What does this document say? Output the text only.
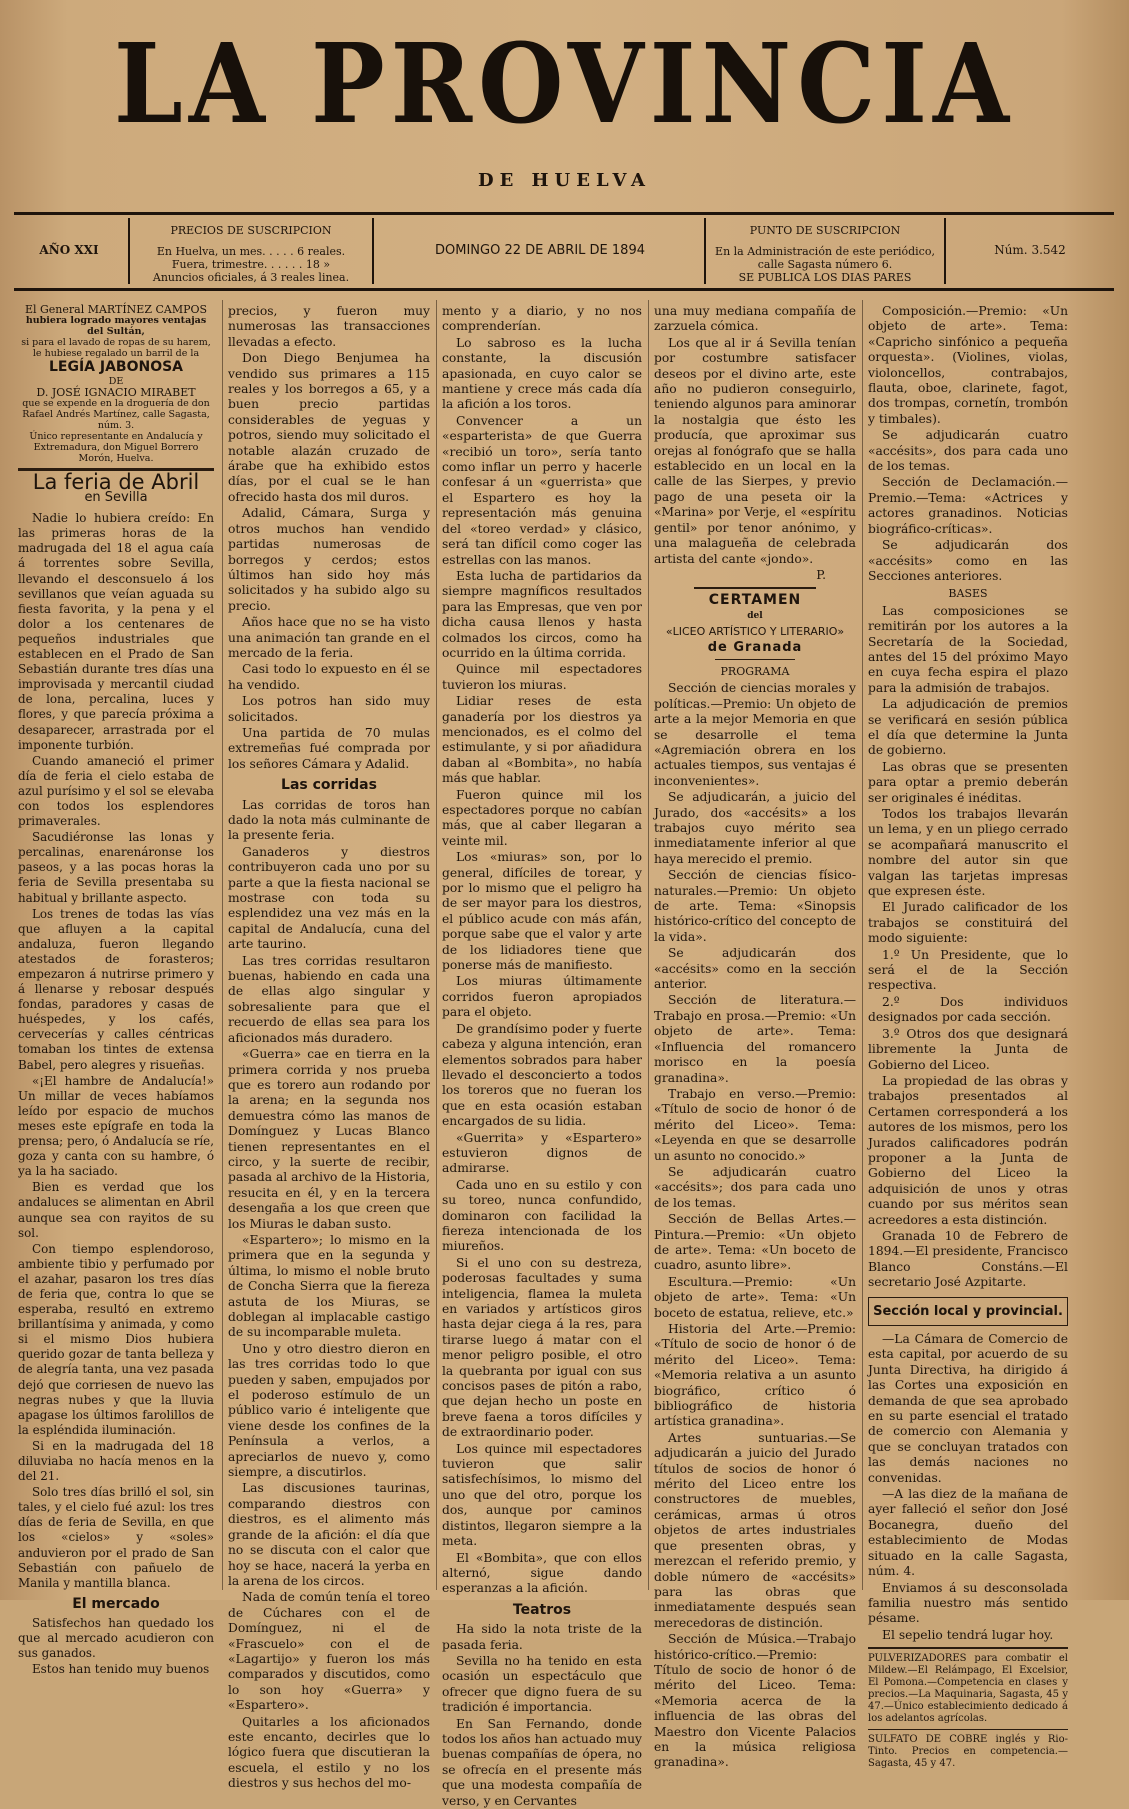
LA PROVINCIA
DE HUELVA
AÑO XXI
PRECIOS DE SUSCRIPCION
En Huelva, un mes. . . . . 6 reales.
Fuera, trimestre. . . . . . 18 »
Anuncios oficiales, á 3 reales linea.
DOMINGO 22 DE ABRIL DE 1894
PUNTO DE SUSCRIPCION
En la Administración de este periódico,
calle Sagasta número 6.
SE PUBLICA LOS DIAS PARES
Núm. 3.542
El General MARTÍNEZ CAMPOS
hubiera logrado mayores ventajas del Sultán,
si para el lavado de ropas de su harem, le hubiese regalado un barril de la
LEGÍA JABONOSA
DE
D. JOSÉ IGNACIO MIRABET
que se expende en la droguería de don Rafael Andrés Martínez, calle Sagasta, núm. 3.
Único representante en Andalucía y Extremadura, don Miguel Borrero Morón, Huelva.
La feria de Abril
en Sevilla

Nadie lo hubiera creído: En las primeras horas de la madrugada del 18 el agua caía á torrentes sobre Sevilla, llevando el desconsuelo á los sevillanos que veían aguada su fiesta favorita, y la pena y el dolor a los centenares de pequeños industriales que establecen en el Prado de San Sebastián durante tres días una improvisada y mercantil ciudad de lona, percalina, luces y flores, y que parecía próxima a desaparecer, arrastrada por el imponente turbión.

Cuando amaneció el primer día de feria el cielo estaba de azul purísimo y el sol se elevaba con todos los esplendores primaverales.

Sacudiéronse las lonas y percalinas, enarenáronse los paseos, y a las pocas horas la feria de Sevilla presentaba su habitual y brillante aspecto.

Los trenes de todas las vías que afluyen a la capital andaluza, fueron llegando atestados de forasteros; empezaron á nutrirse primero y á llenarse y rebosar después fondas, paradores y casas de huéspedes, y los cafés, cervecerías y calles céntricas tomaban los tintes de extensa Babel, pero alegres y risueñas.

«¡El hambre de Andalucía!» Un millar de veces habíamos leído por espacio de muchos meses este epígrafe en toda la prensa; pero, ó Andalucía se ríe, goza y canta con su hambre, ó ya la ha saciado.

Bien es verdad que los andaluces se alimentan en Abril aunque sea con rayitos de su sol.

Con tiempo esplendoroso, ambiente tibio y perfumado por el azahar, pasaron los tres días de feria que, contra lo que se esperaba, resultó en extremo brillantísima y animada, y como si el mismo Dios hubiera querido gozar de tanta belleza y de alegría tanta, una vez pasada dejó que corriesen de nuevo las negras nubes y que la lluvia apagase los últimos farolillos de la espléndida iluminación.

Si en la madrugada del 18 diluviaba no hacía menos en la del 21.

Solo tres días brilló el sol, sin tales, y el cielo fué azul: los tres días de feria de Sevilla, en que los «cielos» y «soles» anduvieron por el prado de San Sebastián con pañuelo de Manila y mantilla blanca.

El mercado

Satisfechos han quedado los que al mercado acudieron con sus ganados.

Estos han tenido muy buenos

precios, y fueron muy numerosas las transacciones llevadas a efecto.

Don Diego Benjumea ha vendido sus primares a 115 reales y los borregos a 65, y a buen precio partidas considerables de yeguas y potros, siendo muy solicitado el notable alazán cruzado de árabe que ha exhibido estos días, por el cual se le han ofrecido hasta dos mil duros.

Adalid, Cámara, Surga y otros muchos han vendido partidas numerosas de borregos y cerdos; estos últimos han sido hoy más solicitados y ha subido algo su precio.

Años hace que no se ha visto una animación tan grande en el mercado de la feria.

Casi todo lo expuesto en él se ha vendido.

Los potros han sido muy solicitados.

Una partida de 70 mulas extremeñas fué comprada por los señores Cámara y Adalid.

Las corridas

Las corridas de toros han dado la nota más culminante de la presente feria.

Ganaderos y diestros contribuyeron cada uno por su parte a que la fiesta nacional se mostrase con toda su esplendidez una vez más en la capital de Andalucía, cuna del arte taurino.

Las tres corridas resultaron buenas, habiendo en cada una de ellas algo singular y sobresaliente para que el recuerdo de ellas sea para los aficionados más duradero.

«Guerra» cae en tierra en la primera corrida y nos prueba que es torero aun rodando por la arena; en la segunda nos demuestra cómo las manos de Domínguez y Lucas Blanco tienen representantes en el circo, y la suerte de recibir, pasada al archivo de la Historia, resucita en él, y en la tercera desengaña a los que creen que los Miuras le daban susto.

«Espartero»; lo mismo en la primera que en la segunda y última, lo mismo el noble bruto de Concha Sierra que la fiereza astuta de los Miuras, se doblegan al implacable castigo de su incomparable muleta.

Uno y otro diestro dieron en las tres corridas todo lo que pueden y saben, empujados por el poderoso estímulo de un público vario é inteligente que viene desde los confines de la Península a verlos, a apreciarlos de nuevo y, como siempre, a discutirlos.

Las discusiones taurinas, comparando diestros con diestros, es el alimento más grande de la afición: el día que no se discuta con el calor que hoy se hace, nacerá la yerba en la arena de los circos.

Nada de común tenía el toreo de Cúchares con el de Domínguez, ni el de «Frascuelo» con el de «Lagartijo» y fueron los más comparados y discutidos, como lo son hoy «Guerra» y «Espartero».

Quitarles a los aficionados este encanto, decirles que lo lógico fuera que discutieran la escuela, el estilo y no los diestros y sus hechos del mo-

mento y a diario, y no nos comprenderían.

Lo sabroso es la lucha constante, la discusión apasionada, en cuyo calor se mantiene y crece más cada día la afición a los toros.

Convencer a un «esparterista» de que Guerra «recibió un toro», sería tanto como inflar un perro y hacerle confesar á un «guerrista» que el Espartero es hoy la representación más genuina del «toreo verdad» y clásico, será tan difícil como coger las estrellas con las manos.

Esta lucha de partidarios da siempre magníficos resultados para las Empresas, que ven por dicha causa llenos y hasta colmados los circos, como ha ocurrido en la última corrida.

Quince mil espectadores tuvieron los miuras.

Lidiar reses de esta ganadería por los diestros ya mencionados, es el colmo del estimulante, y si por añadidura daban al «Bombita», no había más que hablar.

Fueron quince mil los espectadores porque no cabían más, que al caber llegaran a veinte mil.

Los «miuras» son, por lo general, difíciles de torear, y por lo mismo que el peligro ha de ser mayor para los diestros, el público acude con más afán, porque sabe que el valor y arte de los lidiadores tiene que ponerse más de manifiesto.

Los miuras últimamente corridos fueron apropiados para el objeto.

De grandísimo poder y fuerte cabeza y alguna intención, eran elementos sobrados para haber llevado el desconcierto a todos los toreros que no fueran los que en esta ocasión estaban encargados de su lidia.

«Guerrita» y «Espartero» estuvieron dignos de admirarse.

Cada uno en su estilo y con su toreo, nunca confundido, dominaron con facilidad la fiereza intencionada de los miureños.

Si el uno con su destreza, poderosas facultades y suma inteligencia, flamea la muleta en variados y artísticos giros hasta dejar ciega á la res, para tirarse luego á matar con el menor peligro posible, el otro la quebranta por igual con sus concisos pases de pitón a rabo, que dejan hecho un poste en breve faena a toros difíciles y de extraordinario poder.

Los quince mil espectadores tuvieron que salir satisfechísimos, lo mismo del uno que del otro, porque los dos, aunque por caminos distintos, llegaron siempre a la meta.

El «Bombita», que con ellos alternó, sigue dando esperanzas a la afición.

Teatros

Ha sido la nota triste de la pasada feria.

Sevilla no ha tenido en esta ocasión un espectáculo que ofrecer que digno fuera de su tradición é importancia.

En San Fernando, donde todos los años han actuado muy buenas compañías de ópera, no se ofrecía en el presente más que una modesta compañía de verso, y en Cervantes

una muy mediana compañía de zarzuela cómica.

Los que al ir á Sevilla tenían por costumbre satisfacer deseos por el divino arte, este año no pudieron conseguirlo, teniendo algunos para aminorar la nostalgia que ésto les producía, que aproximar sus orejas al fonógrafo que se halla establecido en un local en la calle de las Sierpes, y previo pago de una peseta oir la «Marina» por Verje, el «espíritu gentil» por tenor anónimo, y una malagueña de celebrada artista del cante «jondo».

P.
CERTAMEN
del
«LICEO ARTÍSTICO Y LITERARIO»
de Granada
PROGRAMA

Sección de ciencias morales y políticas.—Premio: Un objeto de arte a la mejor Memoria en que se desarrolle el tema «Agremiación obrera en los actuales tiempos, sus ventajas é inconvenientes».

Se adjudicarán, a juicio del Jurado, dos «accésits» a los trabajos cuyo mérito sea inmediatamente inferior al que haya merecido el premio.

Sección de ciencias físico-naturales.—Premio: Un objeto de arte. Tema: «Sinopsis histórico-crítico del concepto de la vida».

Se adjudicarán dos «accésits» como en la sección anterior.

Sección de literatura.—Trabajo en prosa.—Premio: «Un objeto de arte». Tema: «Influencia del romancero morisco en la poesía granadina».

Trabajo en verso.—Premio: «Título de socio de honor ó de mérito del Liceo». Tema: «Leyenda en que se desarrolle un asunto no conocido.»

Se adjudicarán cuatro «accésits»; dos para cada uno de los temas.

Sección de Bellas Artes.—Pintura.—Premio: «Un objeto de arte». Tema: «Un boceto de cuadro, asunto libre».

Escultura.—Premio: «Un objeto de arte». Tema: «Un boceto de estatua, relieve, etc.»

Historia del Arte.—Premio: «Título de socio de honor ó de mérito del Liceo». Tema: «Memoria relativa a un asunto biográfico, crítico ó bibliográfico de historia artística granadina».

Artes suntuarias.—Se adjudicarán a juicio del Jurado títulos de socios de honor ó mérito del Liceo entre los constructores de muebles, cerámicas, armas ú otros objetos de artes industriales que presenten obras, y merezcan el referido premio, y doble número de «accésits» para las obras que inmediatamente después sean merecedoras de distinción.

Sección de Música.—Trabajo histórico-crítico.—Premio: Título de socio de honor ó de mérito del Liceo. Tema: «Memoria acerca de la influencia de las obras del Maestro don Vicente Palacios en la música religiosa granadina».

Composición.—Premio: «Un objeto de arte». Tema: «Capricho sinfónico a pequeña orquesta». (Violines, violas, violoncellos, contrabajos, flauta, oboe, clarinete, fagot, dos trompas, cornetín, trombón y timbales).

Se adjudicarán cuatro «accésits», dos para cada uno de los temas.

Sección de Declamación.—Premio.—Tema: «Actrices y actores granadinos. Noticias biográfico-críticas».

Se adjudicarán dos «accésits» como en las Secciones anteriores.

BASES

Las composiciones se remitirán por los autores a la Secretaría de la Sociedad, antes del 15 del próximo Mayo en cuya fecha espira el plazo para la admisión de trabajos.

La adjudicación de premios se verificará en sesión pública el día que determine la Junta de gobierno.

Las obras que se presenten para optar a premio deberán ser originales é inéditas.

Todos los trabajos llevarán un lema, y en un pliego cerrado se acompañará manuscrito el nombre del autor sin que valgan las tarjetas impresas que expresen éste.

El Jurado calificador de los trabajos se constituirá del modo siguiente:

1.º Un Presidente, que lo será el de la Sección respectiva.

2.º Dos individuos designados por cada sección.

3.º Otros dos que designará libremente la Junta de Gobierno del Liceo.

La propiedad de las obras y trabajos presentados al Certamen corresponderá a los autores de los mismos, pero los Jurados calificadores podrán proponer a la Junta de Gobierno del Liceo la adquisición de unos y otras cuando por sus méritos sean acreedores a esta distinción.

Granada 10 de Febrero de 1894.—El presidente, Francisco Blanco Constáns.—El secretario José Azpitarte.

Sección local y provincial.

—La Cámara de Comercio de esta capital, por acuerdo de su Junta Directiva, ha dirigido á las Cortes una exposición en demanda de que sea aprobado en su parte esencial el tratado de comercio con Alemania y que se concluyan tratados con las demás naciones no convenidas.

—A las diez de la mañana de ayer falleció el señor don José Bocanegra, dueño del establecimiento de Modas situado en la calle Sagasta, núm. 4.

Enviamos á su desconsolada familia nuestro más sentido pésame.

El sepelio tendrá lugar hoy.

PULVERIZADORES para combatir el Mildew.—El Relámpago, El Excelsior, El Pomona.—Competencia en clases y precios.—La Maquinaria, Sagasta, 45 y 47.—Único establecimiento dedicado á los adelantos agrícolas.
SULFATO DE COBRE inglés y Rio-Tinto. Precios en competencia.—Sagasta, 45 y 47.
